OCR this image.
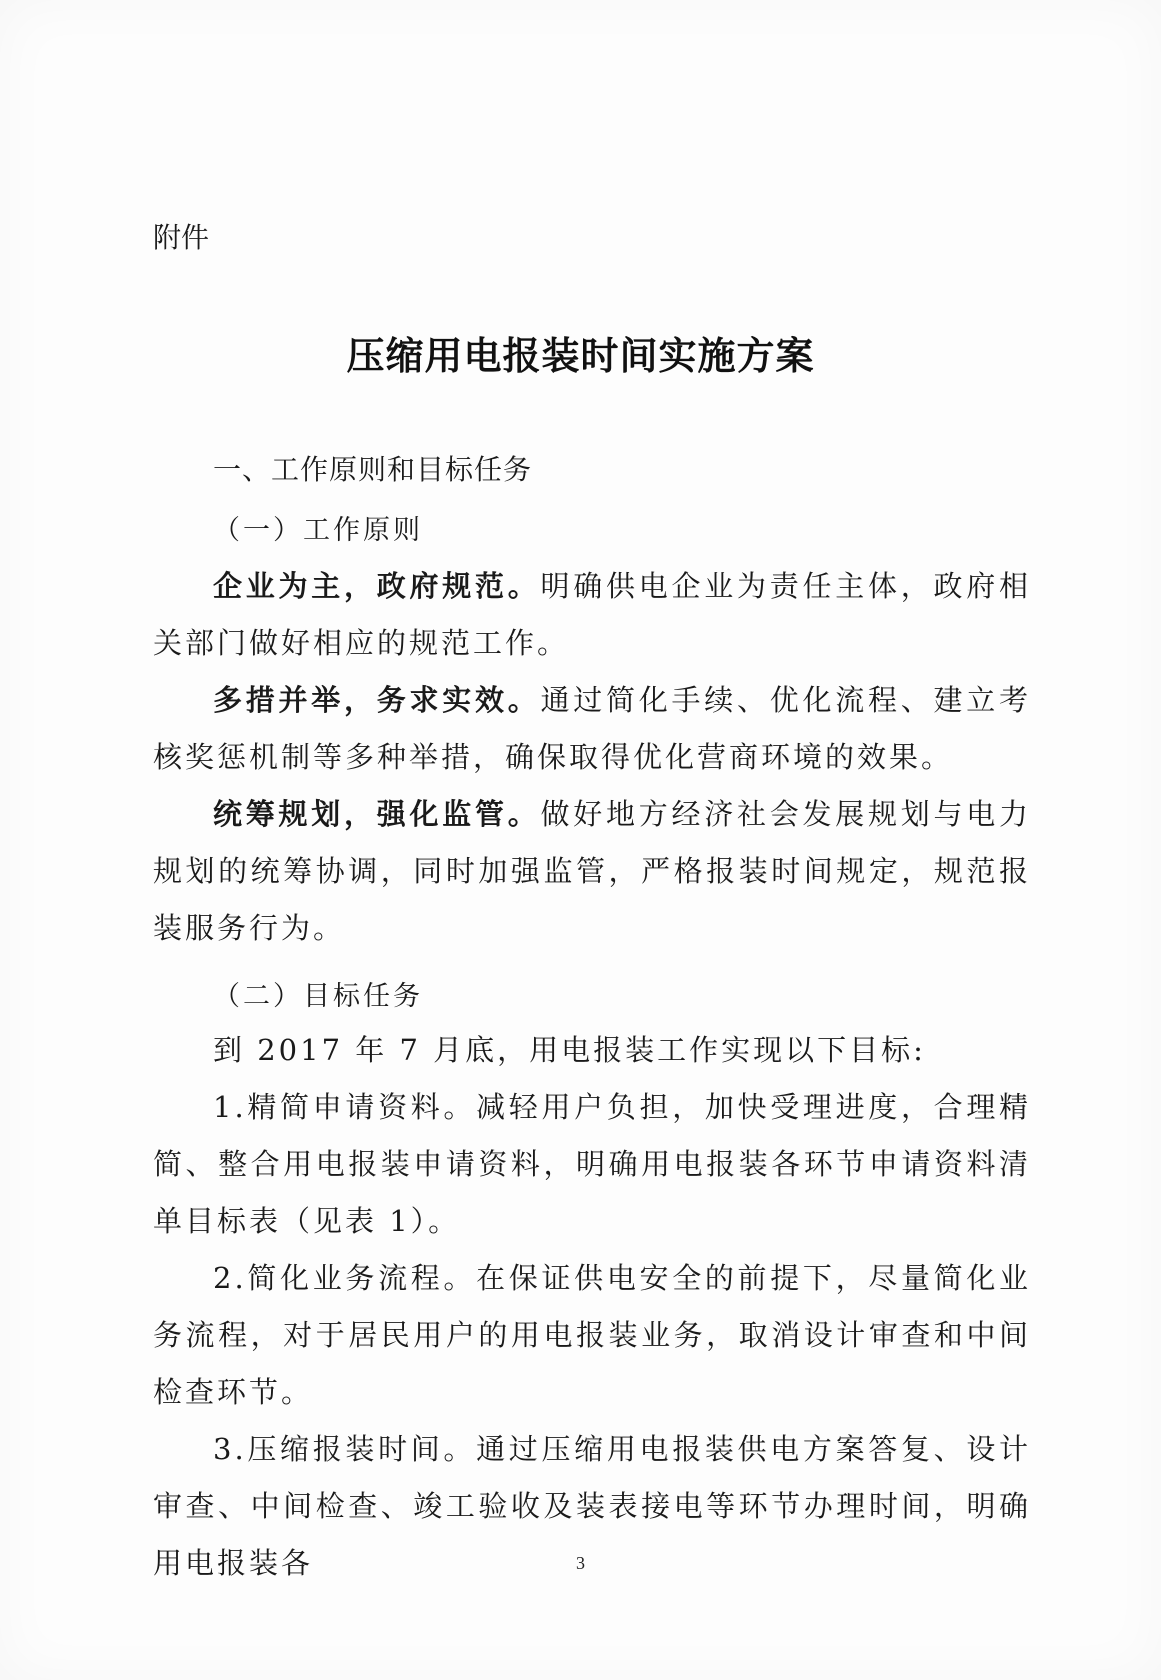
附件
压缩用电报装时间实施方案
一、工作原则和目标任务
（一）工作原则

企业为主，政府规范。明确供电企业为责任主体，政府相关部门做好相应的规范工作。

多措并举，务求实效。通过简化手续、优化流程、建立考核奖惩机制等多种举措，确保取得优化营商环境的效果。

统筹规划，强化监管。做好地方经济社会发展规划与电力规划的统筹协调，同时加强监管，严格报装时间规定，规范报装服务行为。

（二）目标任务

到 2017 年 7 月底，用电报装工作实现以下目标:

1.精简申请资料。减轻用户负担，加快受理进度，合理精简、整合用电报装申请资料，明确用电报装各环节申请资料清单目标表（见表 1）。

2.简化业务流程。在保证供电安全的前提下，尽量简化业务流程，对于居民用户的用电报装业务，取消设计审查和中间检查环节。

3.压缩报装时间。通过压缩用电报装供电方案答复、设计审查、中间检查、竣工验收及装表接电等环节办理时间，明确用电报装各	3
